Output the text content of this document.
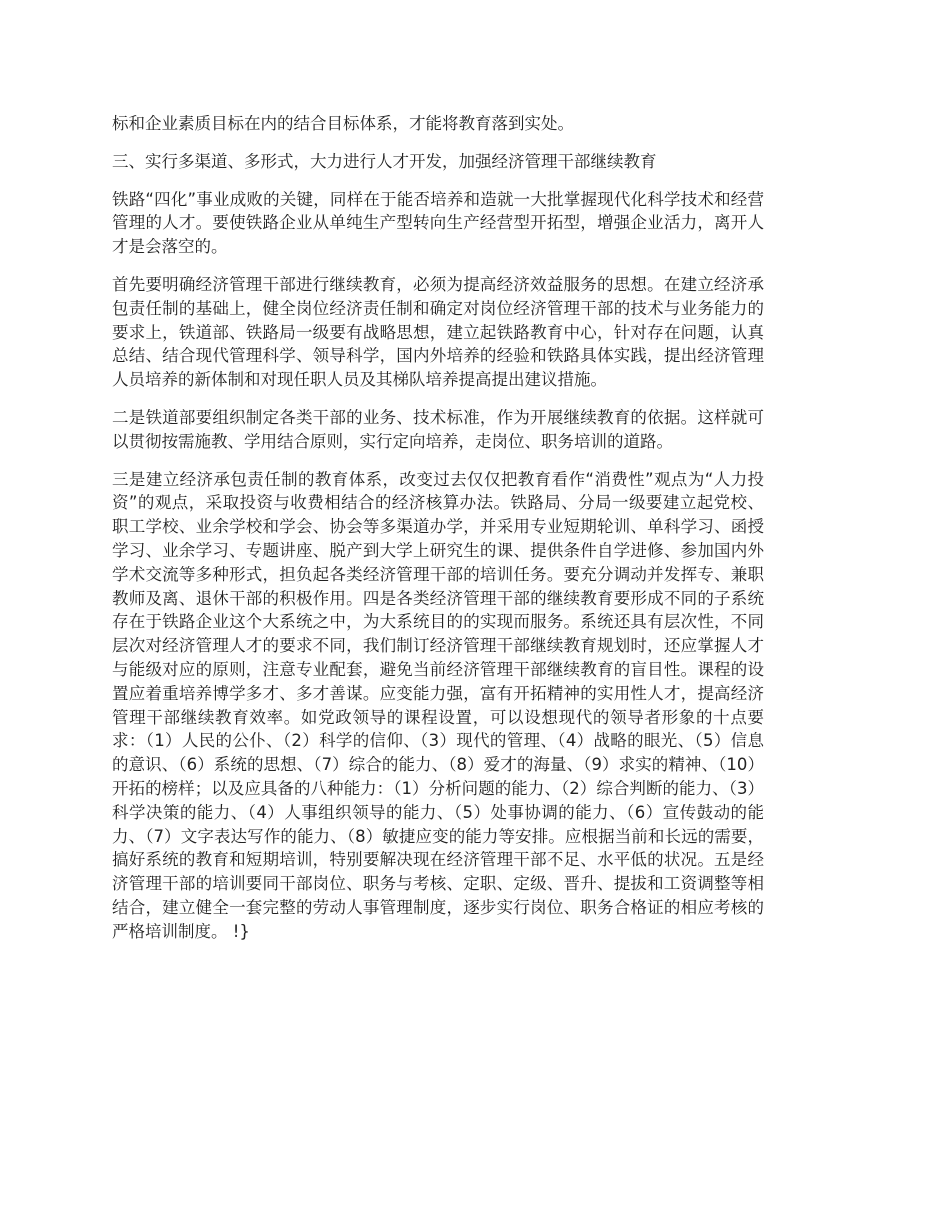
标和企业素质目标在内的结合目标体系，才能将教育落到实处。

三、实行多渠道、多形式，大力进行人才开发，加强经济管理干部继续教育

铁路“四化”事业成败的关键，同样在于能否培养和造就一大批掌握现代化科学技术和经营管理的人才。要使铁路企业从单纯生产型转向生产经营型开拓型，增强企业活力，离开人才是会落空的。

首先要明确经济管理干部进行继续教育，必须为提高经济效益服务的思想。在建立经济承包责任制的基础上，健全岗位经济责任制和确定对岗位经济管理干部的技术与业务能力的要求上，铁道部、铁路局一级要有战略思想，建立起铁路教育中心，针对存在问题，认真总结、结合现代管理科学、领导科学，国内外培养的经验和铁路具体实践，提出经济管理人员培养的新体制和对现任职人员及其梯队培养提高提出建议措施。

二是铁道部要组织制定各类干部的业务、技术标准，作为开展继续教育的依据。这样就可以贯彻按需施教、学用结合原则，实行定向培养，走岗位、职务培训的道路。

三是建立经济承包责任制的教育体系，改变过去仅仅把教育看作“消费性”观点为“人力投资”的观点，采取投资与收费相结合的经济核算办法。铁路局、分局一级要建立起党校、职工学校、业余学校和学会、协会等多渠道办学，并采用专业短期轮训、单科学习、函授学习、业余学习、专题讲座、脱产到大学上研究生的课、提供条件自学进修、参加国内外学术交流等多种形式，担负起各类经济管理干部的培训任务。要充分调动并发挥专、兼职教师及离、退休干部的积极作用。四是各类经济管理干部的继续教育要形成不同的子系统存在于铁路企业这个大系统之中，为大系统目的的实现而服务。系统还具有层次性，不同层次对经济管理人才的要求不同，我们制订经济管理干部继续教育规划时，还应掌握人才与能级对应的原则，注意专业配套，避免当前经济管理干部继续教育的盲目性。课程的设置应着重培养博学多才、多才善谋。应变能力强，富有开拓精神的实用性人才，提高经济管理干部继续教育效率。如党政领导的课程设置，可以设想现代的领导者形象的十点要求：（1）人民的公仆、（2）科学的信仰、（3）现代的管理、（4）战略的眼光、（5）信息的意识、（6）系统的思想、（7）综合的能力、（8）爱才的海量、（9）求实的精神、（10）开拓的榜样；以及应具备的八种能力：（1）分析问题的能力、（2）综合判断的能力、（3）科学决策的能力、（4）人事组织领导的能力、（5）处事协调的能力、（6）宣传鼓动的能力、（7）文字表达写作的能力、（8）敏捷应变的能力等安排。应根据当前和长远的需要，搞好系统的教育和短期培训，特别要解决现在经济管理干部不足、水平低的状况。五是经济管理干部的培训要同干部岗位、职务与考核、定职、定级、晋升、提拔和工资调整等相结合，建立健全一套完整的劳动人事管理制度，逐步实行岗位、职务合格证的相应考核的严格培训制度。 !}
